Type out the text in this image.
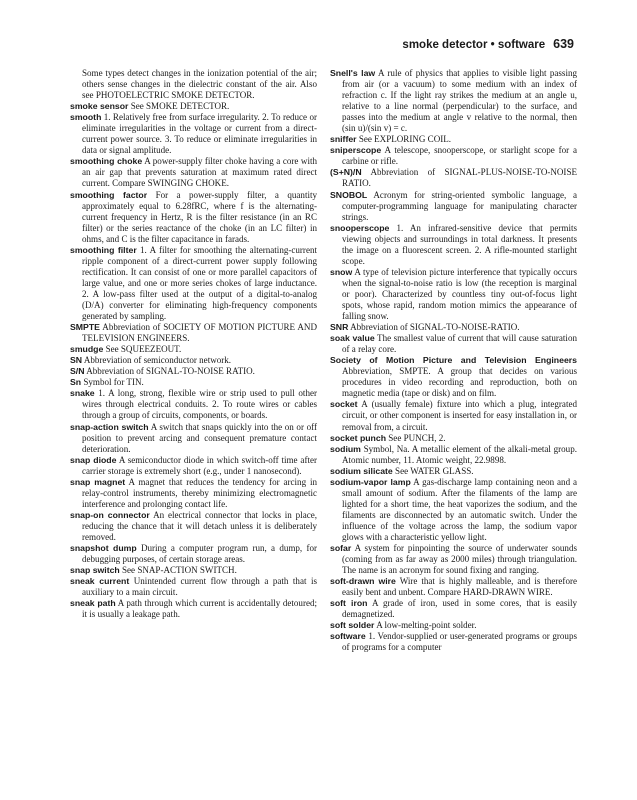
smoke detector • software 639

Some types detect changes in the ionization potential of the air; others sense changes in the dielectric constant of the air. Also see PHOTOELECTRIC SMOKE DETECTOR.

smoke sensor See SMOKE DETECTOR.

smooth 1. Relatively free from surface irregularity. 2. To reduce or eliminate irregularities in the voltage or current from a direct-current power source. 3. To reduce or eliminate irregularities in data or signal amplitude.

smoothing choke A power-supply filter choke having a core with an air gap that prevents saturation at maximum rated direct current. Compare SWINGING CHOKE.

smoothing factor For a power-supply filter, a quantity approximately equal to 6.28fRC, where f is the alternating-current frequency in Hertz, R is the filter resistance (in an RC filter) or the series reactance of the choke (in an LC filter) in ohms, and C is the filter capacitance in farads.

smoothing filter 1. A filter for smoothing the alternating-current ripple component of a direct-current power supply following rectification. It can consist of one or more parallel capacitors of large value, and one or more series chokes of large inductance. 2. A low-pass filter used at the output of a digital-to-analog (D/A) converter for eliminating high-frequency components generated by sampling.

SMPTE Abbreviation of SOCIETY OF MOTION PICTURE AND TELEVISION ENGINEERS.

smudge See SQUEEZEOUT.

SN Abbreviation of semiconductor network.

S/N Abbreviation of SIGNAL-TO-NOISE RATIO.

Sn Symbol for TIN.

snake 1. A long, strong, flexible wire or strip used to pull other wires through electrical conduits. 2. To route wires or cables through a group of circuits, components, or boards.

snap-action switch A switch that snaps quickly into the on or off position to prevent arcing and consequent premature contact deterioration.

snap diode A semiconductor diode in which switch-off time after carrier storage is extremely short (e.g., under 1 nanosecond).

snap magnet A magnet that reduces the tendency for arcing in relay-control instruments, thereby minimizing electromagnetic interference and prolonging contact life.

snap-on connector An electrical connector that locks in place, reducing the chance that it will detach unless it is deliberately removed.

snapshot dump During a computer program run, a dump, for debugging purposes, of certain storage areas.

snap switch See SNAP-ACTION SWITCH.

sneak current Unintended current flow through a path that is auxiliary to a main circuit.

sneak path A path through which current is accidentally detoured; it is usually a leakage path.

Snell's law A rule of physics that applies to visible light passing from air (or a vacuum) to some medium with an index of refraction c. If the light ray strikes the medium at an angle u, relative to a line normal (perpendicular) to the surface, and passes into the medium at angle v relative to the normal, then (sin u)/(sin v) = c.

sniffer See EXPLORING COIL.

sniperscope A telescope, snooperscope, or starlight scope for a carbine or rifle.

(S+N)/N Abbreviation of SIGNAL-PLUS-NOISE-TO-NOISE RATIO.

SNOBOL Acronym for string-oriented symbolic language, a computer-programming language for manipulating character strings.

snooperscope 1. An infrared-sensitive device that permits viewing objects and surroundings in total darkness. It presents the image on a fluorescent screen. 2. A rifle-mounted starlight scope.

snow A type of television picture interference that typically occurs when the signal-to-noise ratio is low (the reception is marginal or poor). Characterized by countless tiny out-of-focus light spots, whose rapid, random motion mimics the appearance of falling snow.

SNR Abbreviation of SIGNAL-TO-NOISE-RATIO.

soak value The smallest value of current that will cause saturation of a relay core.

Society of Motion Picture and Television Engineers Abbreviation, SMPTE. A group that decides on various procedures in video recording and reproduction, both on magnetic media (tape or disk) and on film.

socket A (usually female) fixture into which a plug, integrated circuit, or other component is inserted for easy installation in, or removal from, a circuit.

socket punch See PUNCH, 2.

sodium Symbol, Na. A metallic element of the alkali-metal group. Atomic number, 11. Atomic weight, 22.9898.

sodium silicate See WATER GLASS.

sodium-vapor lamp A gas-discharge lamp containing neon and a small amount of sodium. After the filaments of the lamp are lighted for a short time, the heat vaporizes the sodium, and the filaments are disconnected by an automatic switch. Under the influence of the voltage across the lamp, the sodium vapor glows with a characteristic yellow light.

sofar A system for pinpointing the source of underwater sounds (coming from as far away as 2000 miles) through triangulation. The name is an acronym for sound fixing and ranging.

soft-drawn wire Wire that is highly malleable, and is therefore easily bent and unbent. Compare HARD-DRAWN WIRE.

soft iron A grade of iron, used in some cores, that is easily demagnetized.

soft solder A low-melting-point solder.

software 1. Vendor-supplied or user-generated programs or groups of programs for a computer
